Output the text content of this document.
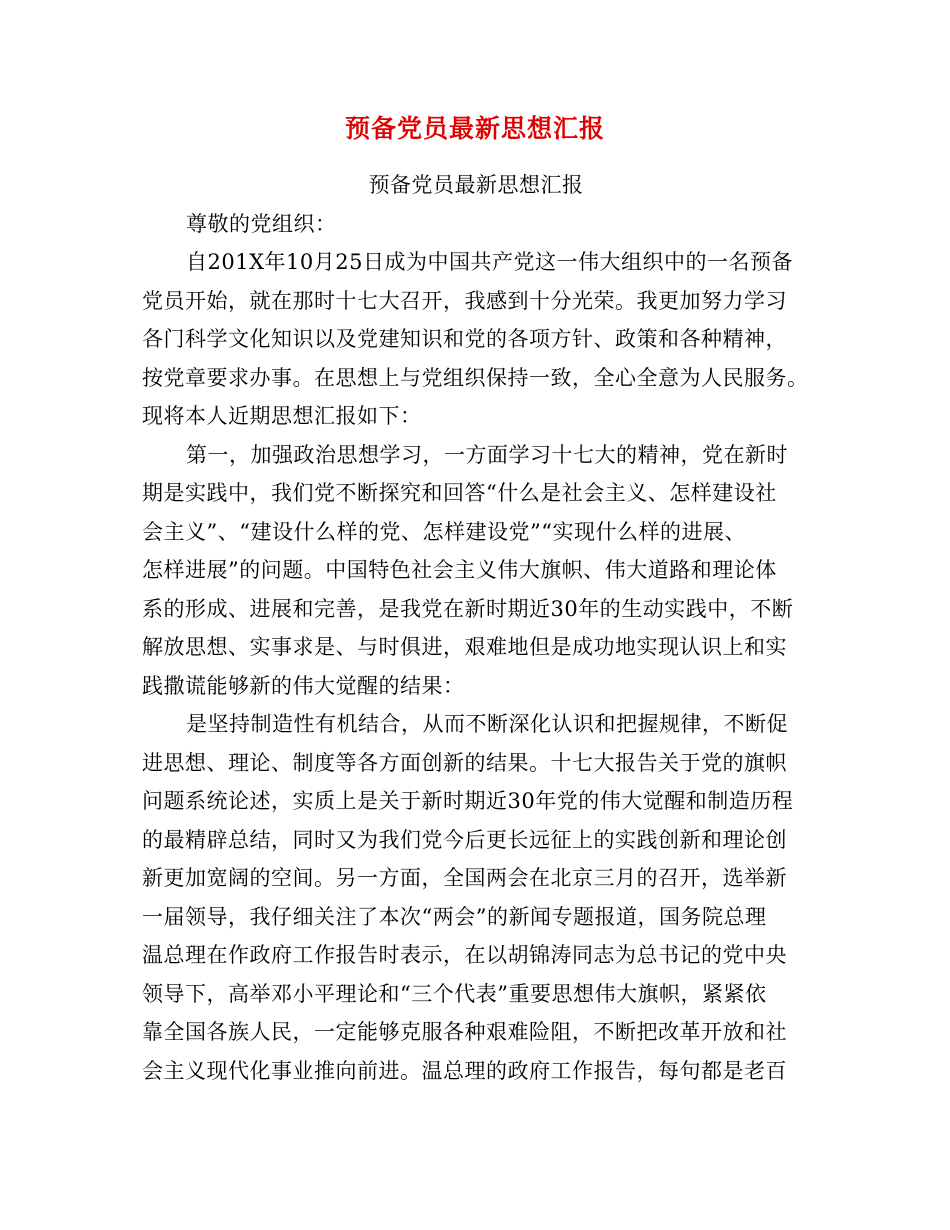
预备党员最新思想汇报

预备党员最新思想汇报

尊敬的党组织：

自201X年10月25日成为中国共产党这一伟大组织中的一名预备

党员开始，就在那时十七大召开，我感到十分光荣。我更加努力学习

各门科学文化知识以及党建知识和党的各项方针、政策和各种精神，

按党章要求办事。在思想上与党组织保持一致，全心全意为人民服务。

现将本人近期思想汇报如下：

第一，加强政治思想学习，一方面学习十七大的精神，党在新时

期是实践中，我们党不断探究和回答“什么是社会主义、怎样建设社

会主义”、“建设什么样的党、怎样建设党”“实现什么样的进展、

怎样进展”的问题。中国特色社会主义伟大旗帜、伟大道路和理论体

系的形成、进展和完善，是我党在新时期近30年的生动实践中，不断

解放思想、实事求是、与时俱进，艰难地但是成功地实现认识上和实

践撒谎能够新的伟大觉醒的结果：

是坚持制造性有机结合，从而不断深化认识和把握规律，不断促

进思想、理论、制度等各方面创新的结果。十七大报告关于党的旗帜

问题系统论述，实质上是关于新时期近30年党的伟大觉醒和制造历程

的最精辟总结，同时又为我们党今后更长远征上的实践创新和理论创

新更加宽阔的空间。另一方面，全国两会在北京三月的召开，选举新

一届领导，我仔细关注了本次“两会”的新闻专题报道，国务院总理

温总理在作政府工作报告时表示，在以胡锦涛同志为总书记的党中央

领导下，高举邓小平理论和“三个代表”重要思想伟大旗帜，紧紧依

靠全国各族人民，一定能够克服各种艰难险阻，不断把改革开放和社

会主义现代化事业推向前进。温总理的政府工作报告，每句都是老百
